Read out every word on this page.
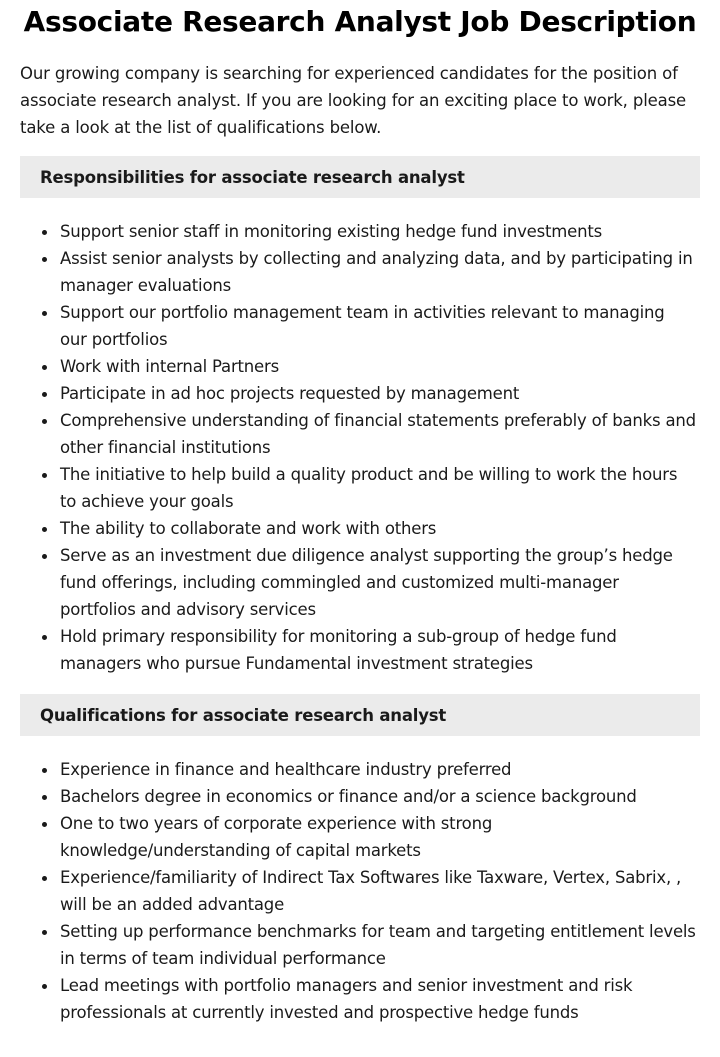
Associate Research Analyst Job Description

Our growing company is searching for experienced candidates for the position of associate research analyst. If you are looking for an exciting place to work, please take a look at the list of qualifications below.

Responsibilities for associate research analyst
Support senior staff in monitoring existing hedge fund investments
Assist senior analysts by collecting and analyzing data, and by participating in manager evaluations
Support our portfolio management team in activities relevant to managing our portfolios
Work with internal Partners
Participate in ad hoc projects requested by management
Comprehensive understanding of financial statements preferably of banks and other financial institutions
The initiative to help build a quality product and be willing to work the hours to achieve your goals
The ability to collaborate and work with others
Serve as an investment due diligence analyst supporting the group’s hedge fund offerings, including commingled and customized multi-manager portfolios and advisory services
Hold primary responsibility for monitoring a sub-group of hedge fund managers who pursue Fundamental investment strategies
Qualifications for associate research analyst
Experience in finance and healthcare industry preferred
Bachelors degree in economics or finance and/or a science background
One to two years of corporate experience with strong knowledge/understanding of capital markets
Experience/familiarity of Indirect Tax Softwares like Taxware, Vertex, Sabrix, , will be an added advantage
Setting up performance benchmarks for team and targeting entitlement levels in terms of team individual performance
Lead meetings with portfolio managers and senior investment and risk professionals at currently invested and prospective hedge funds
